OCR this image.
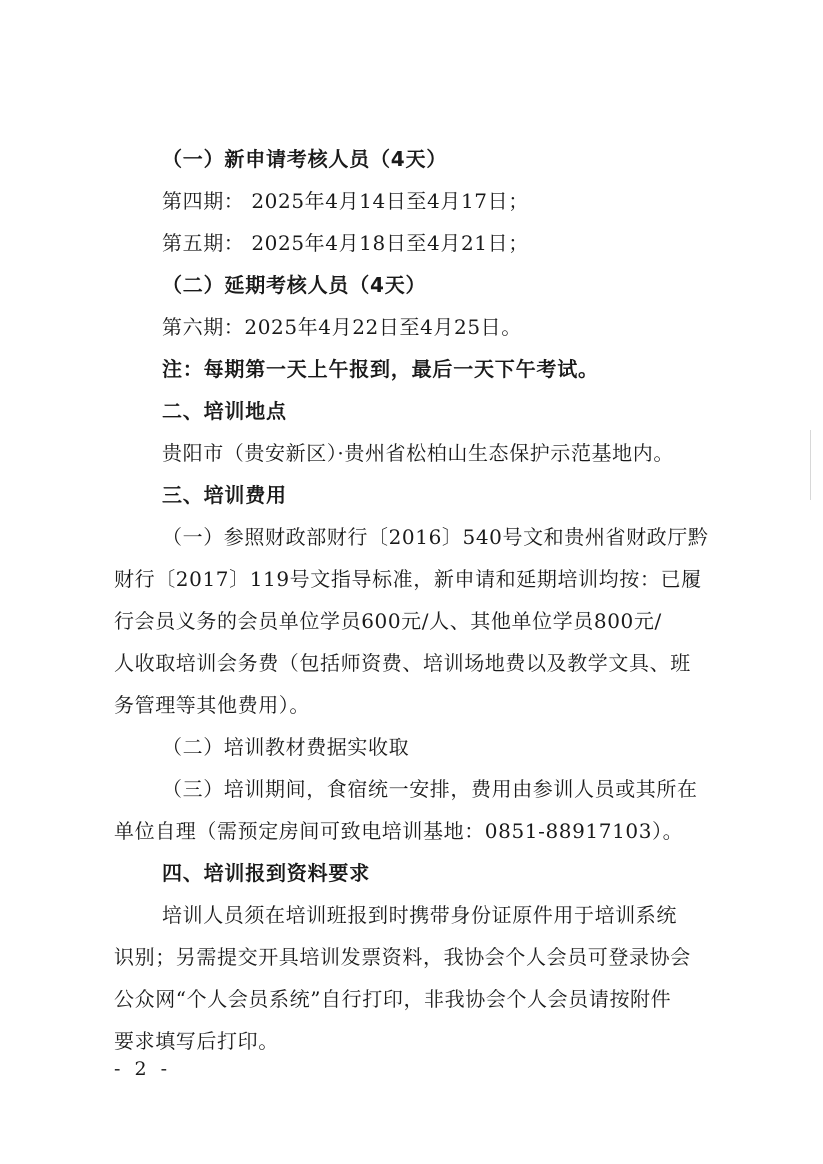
（一）新申请考核人员（4天）
第四期： 2025年4月14日至4月17日；
第五期： 2025年4月18日至4月21日；
（二）延期考核人员（4天）
第六期：2025年4月22日至4月25日。
注：每期第一天上午报到，最后一天下午考试。
二、培训地点
贵阳市（贵安新区）·贵州省松柏山生态保护示范基地内。
三、培训费用
（一）参照财政部财行〔2016〕540号文和贵州省财政厅黔
财行〔2017〕119号文指导标准，新申请和延期培训均按：已履
行会员义务的会员单位学员600元/人、其他单位学员800元/
人收取培训会务费（包括师资费、培训场地费以及教学文具、班
务管理等其他费用）。
（二）培训教材费据实收取
（三）培训期间，食宿统一安排，费用由参训人员或其所在
单位自理（需预定房间可致电培训基地：0851-88917103）。
四、培训报到资料要求
培训人员须在培训班报到时携带身份证原件用于培训系统
识别；另需提交开具培训发票资料，我协会个人会员可登录协会
公众网“个人会员系统”自行打印，非我协会个人会员请按附件
要求填写后打印。
- 2 -
